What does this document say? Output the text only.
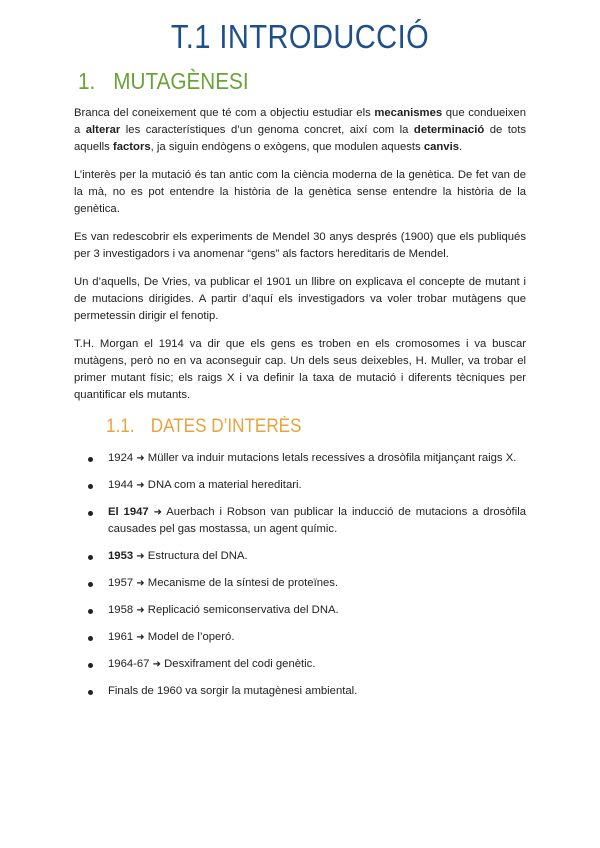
T.1 INTRODUCCIÓ
1. MUTAGÈNESI

Branca del coneixement que té com a objectiu estudiar els mecanismes que condueixen a alterar les característiques d’un genoma concret, així com la determinació de tots aquells factors, ja siguin endògens o exògens, que modulen aquests canvis.

L’interès per la mutació és tan antic com la ciència moderna de la genètica. De fet van de la mà, no es pot entendre la història de la genètica sense entendre la història de la genètica.

Es van redescobrir els experiments de Mendel 30 anys després (1900) que els publiqués per 3 investigadors i va anomenar “gens” als factors hereditaris de Mendel.

Un d’aquells, De Vries, va publicar el 1901 un llibre on explicava el concepte de mutant i de mutacions dirigides. A partir d’aquí els investigadors va voler trobar mutàgens que permetessin dirigir el fenotip.

T.H. Morgan el 1914 va dir que els gens es troben en els cromosomes i va buscar mutàgens, però no en va aconseguir cap. Un dels seus deixebles, H. Muller, va trobar el primer mutant físic; els raigs X i va definir la taxa de mutació i diferents tècniques per quantificar els mutants.

1.1. DATES D’INTERÈS
1924 ➜ Müller va induir mutacions letals recessives a drosòfila mitjançant raigs X.
1944 ➜ DNA com a material hereditari.
El 1947 ➜ Auerbach i Robson van publicar la inducció de mutacions a drosòfila causades pel gas mostassa, un agent químic.
1953 ➜ Estructura del DNA.
1957 ➜ Mecanisme de la síntesi de proteïnes.
1958 ➜ Replicació semiconservativa del DNA.
1961 ➜ Model de l’operó.
1964-67 ➜ Desxiframent del codi genètic.
Finals de 1960 va sorgir la mutagènesi ambiental.
